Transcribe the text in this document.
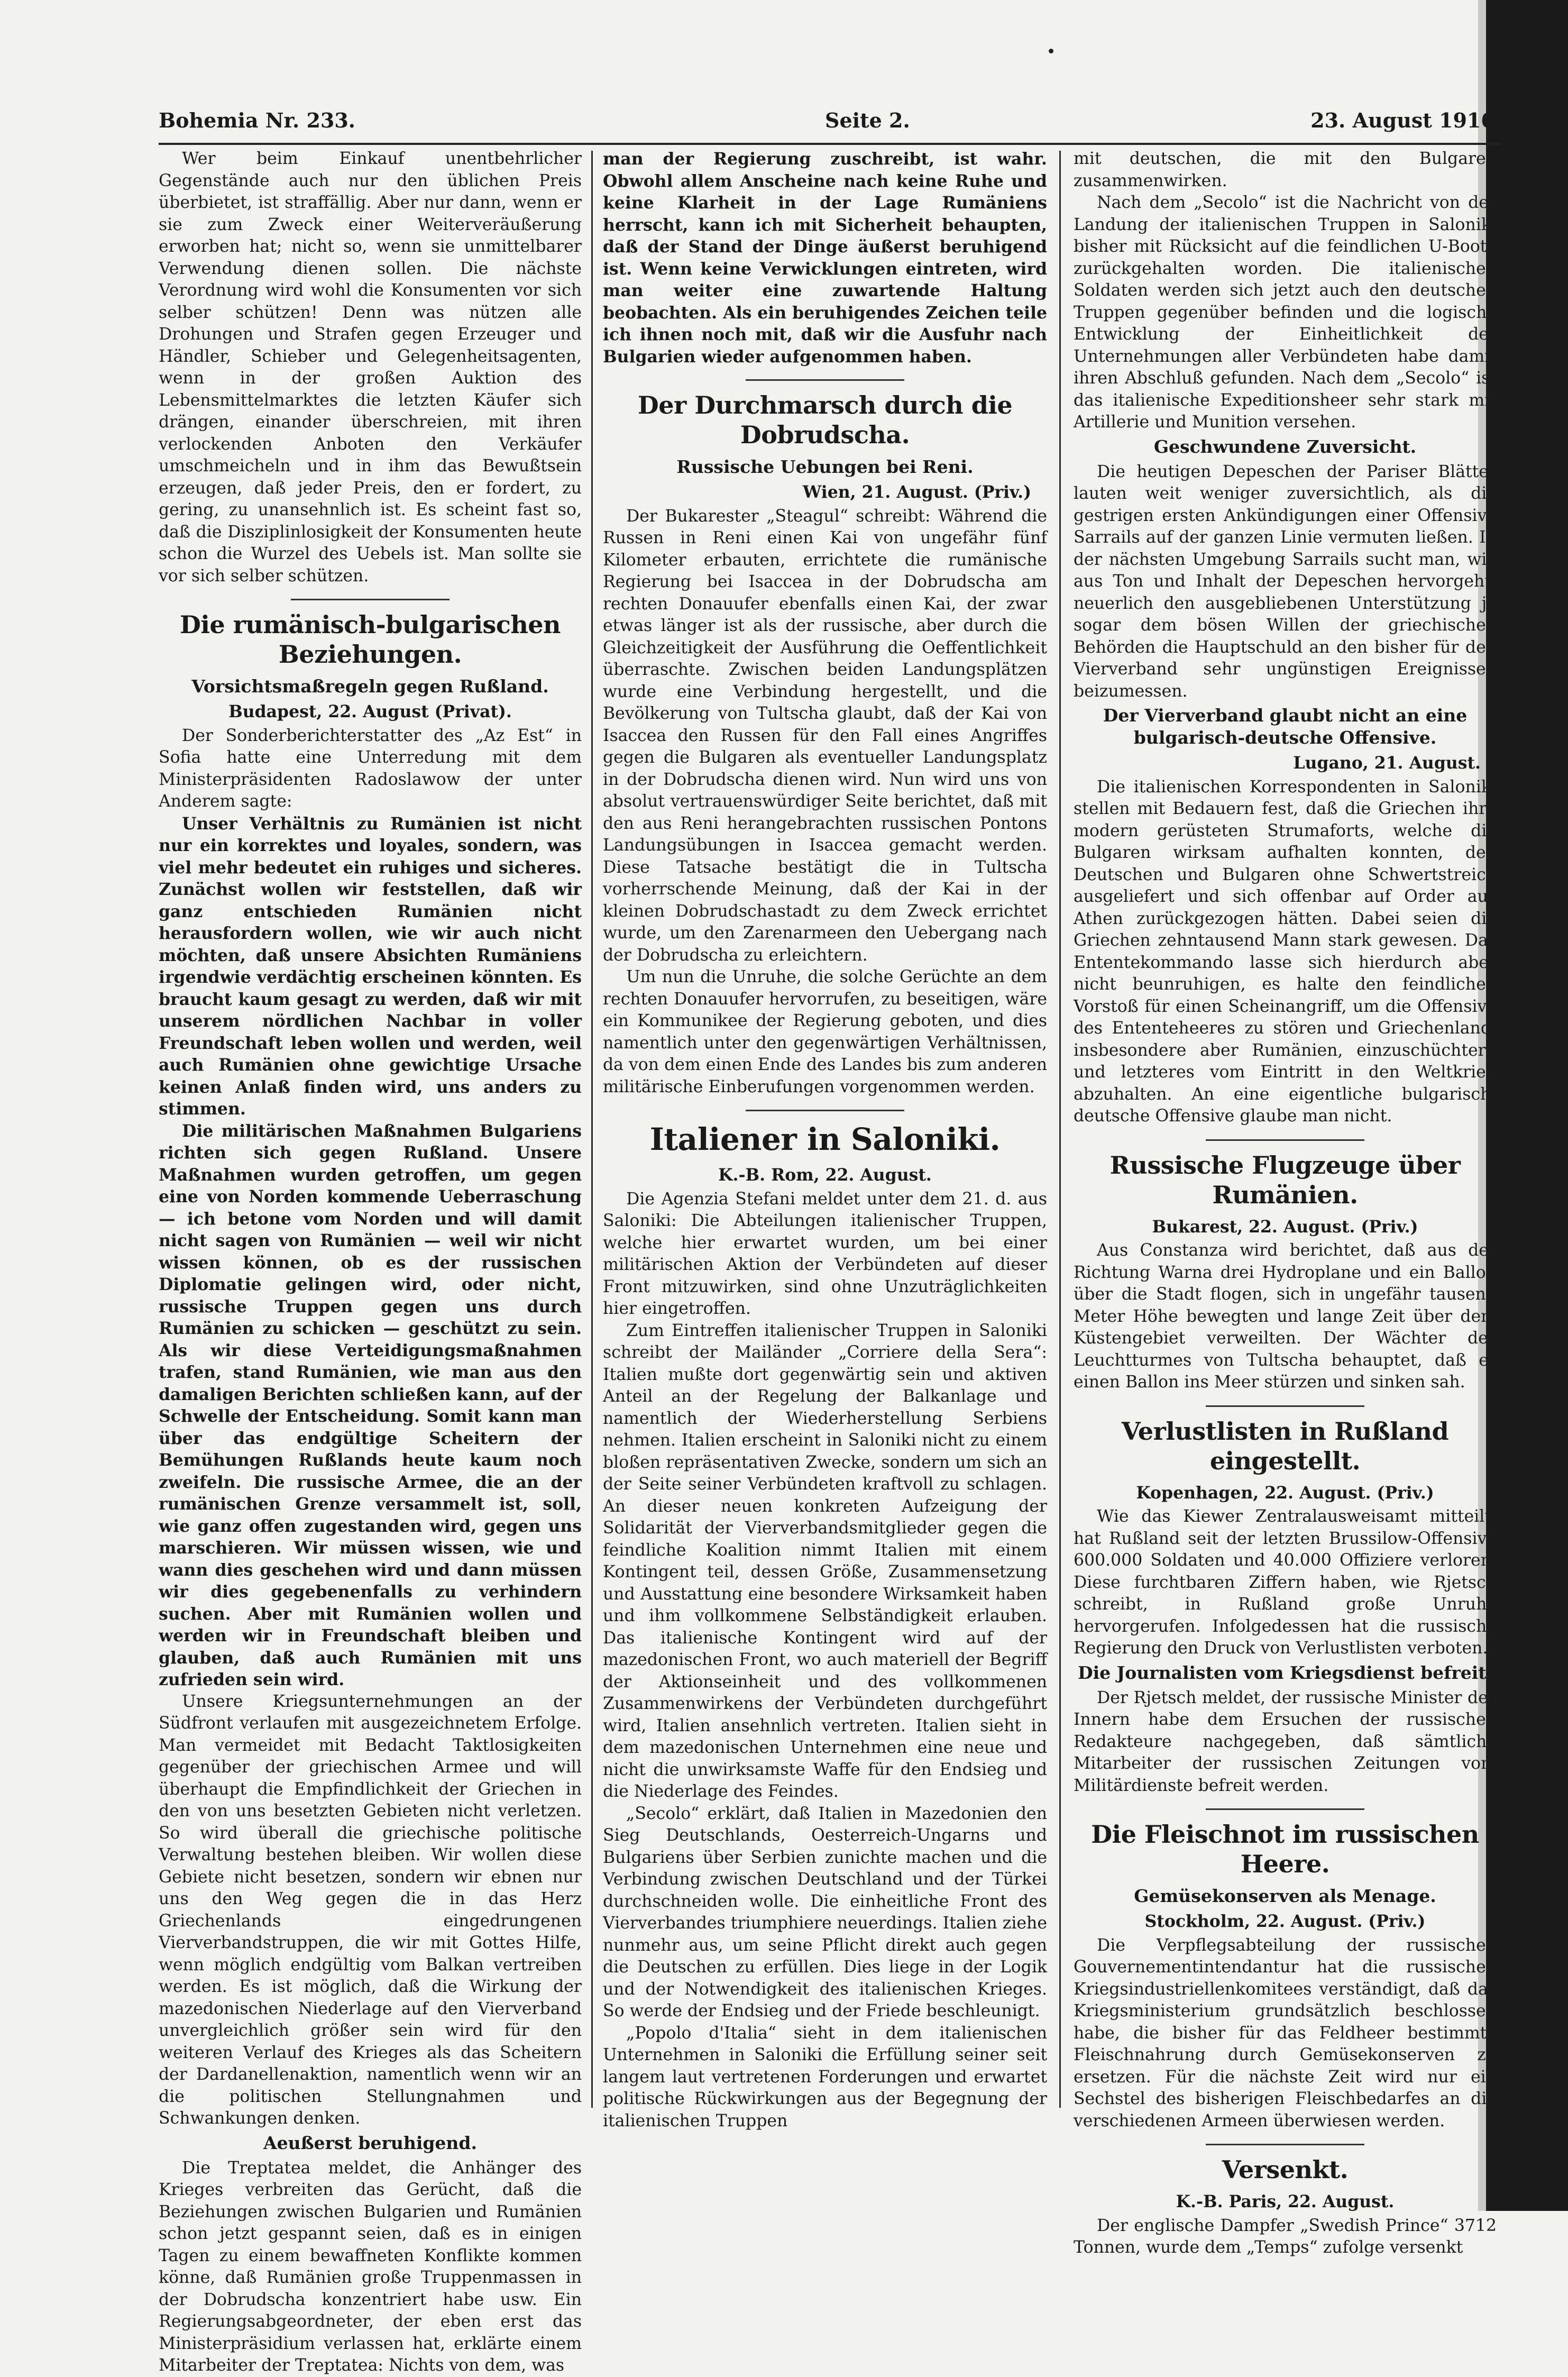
Bohemia Nr. 233.	Seite 2.	23. August 1916.

Wer beim Einkauf unentbehrlicher Gegenstände auch nur den üblichen Preis überbietet, ist straffällig. Aber nur dann, wenn er sie zum Zweck einer Weiterveräußerung erworben hat; nicht so, wenn sie unmittelbarer Verwendung dienen sollen. Die nächste Verordnung wird wohl die Konsumenten vor sich selber schützen! Denn was nützen alle Drohungen und Strafen gegen Erzeuger und Händler, Schieber und Gelegenheitsagenten, wenn in der großen Auktion des Lebensmittelmarktes die letzten Käufer sich drängen, einander überschreien, mit ihren verlockenden Anboten den Verkäufer umschmeicheln und in ihm das Bewußtsein erzeugen, daß jeder Preis, den er fordert, zu gering, zu unansehnlich ist. Es scheint fast so, daß die Disziplinlosigkeit der Konsumenten heute schon die Wurzel des Uebels ist. Man sollte sie vor sich selber schützen.

Die rumänisch-bulgarischen Beziehungen.
Vorsichtsmaßregeln gegen Rußland.
Budapest, 22. August (Privat).

Der Sonderberichterstatter des „Az Est“ in Sofia hatte eine Unterredung mit dem Ministerpräsidenten Radoslawow der unter Anderem sagte:

Unser Verhältnis zu Rumänien ist nicht nur ein korrektes und loyales, sondern, was viel mehr bedeutet ein ruhiges und sicheres. Zunächst wollen wir feststellen, daß wir ganz entschieden Rumänien nicht herausfordern wollen, wie wir auch nicht möchten, daß unsere Absichten Rumäniens irgendwie verdächtig erscheinen könnten. Es braucht kaum gesagt zu werden, daß wir mit unserem nördlichen Nachbar in voller Freundschaft leben wollen und werden, weil auch Rumänien ohne gewichtige Ursache keinen Anlaß finden wird, uns anders zu stimmen.

Die militärischen Maßnahmen Bulgariens richten sich gegen Rußland. Unsere Maßnahmen wurden getroffen, um gegen eine von Norden kommende Ueberraschung — ich betone vom Norden und will damit nicht sagen von Rumänien — weil wir nicht wissen können, ob es der russischen Diplomatie gelingen wird, oder nicht, russische Truppen gegen uns durch Rumänien zu schicken — geschützt zu sein. Als wir diese Verteidigungsmaßnahmen trafen, stand Rumänien, wie man aus den damaligen Berichten schließen kann, auf der Schwelle der Entscheidung. Somit kann man über das endgültige Scheitern der Bemühungen Rußlands heute kaum noch zweifeln. Die russische Armee, die an der rumänischen Grenze versammelt ist, soll, wie ganz offen zugestanden wird, gegen uns marschieren. Wir müssen wissen, wie und wann dies geschehen wird und dann müssen wir dies gegebenenfalls zu verhindern suchen. Aber mit Rumänien wollen und werden wir in Freundschaft bleiben und glauben, daß auch Rumänien mit uns zufrieden sein wird.

Unsere Kriegsunternehmungen an der Südfront verlaufen mit ausgezeichnetem Erfolge. Man vermeidet mit Bedacht Taktlosigkeiten gegenüber der griechischen Armee und will überhaupt die Empfindlichkeit der Griechen in den von uns besetzten Gebieten nicht verletzen. So wird überall die griechische politische Verwaltung bestehen bleiben. Wir wollen diese Gebiete nicht besetzen, sondern wir ebnen nur uns den Weg gegen die in das Herz Griechenlands eingedrungenen Vierverbandstruppen, die wir mit Gottes Hilfe, wenn möglich endgültig vom Balkan vertreiben werden. Es ist möglich, daß die Wirkung der mazedonischen Niederlage auf den Vierverband unvergleichlich größer sein wird für den weiteren Verlauf des Krieges als das Scheitern der Dardanellenaktion, namentlich wenn wir an die politischen Stellungnahmen und Schwankungen denken.

Aeußerst beruhigend.

Die Treptatea meldet, die Anhänger des Krieges verbreiten das Gerücht, daß die Beziehungen zwischen Bulgarien und Rumänien schon jetzt gespannt seien, daß es in einigen Tagen zu einem bewaffneten Konflikte kommen könne, daß Rumänien große Truppenmassen in der Dobrudscha konzentriert habe usw. Ein Regierungsabgeordneter, der eben erst das Ministerpräsidium verlassen hat, erklärte einem Mitarbeiter der Treptatea: Nichts von dem, was

man der Regierung zuschreibt, ist wahr. Obwohl allem Anscheine nach keine Ruhe und keine Klarheit in der Lage Rumäniens herrscht, kann ich mit Sicherheit behaupten, daß der Stand der Dinge äußerst beruhigend ist. Wenn keine Verwicklungen eintreten, wird man weiter eine zuwartende Haltung beobachten. Als ein beruhigendes Zeichen teile ich ihnen noch mit, daß wir die Ausfuhr nach Bulgarien wieder aufgenommen haben.

Der Durchmarsch durch die Dobrudscha.
Russische Uebungen bei Reni.
Wien, 21. August. (Priv.)

Der Bukarester „Steagul“ schreibt: Während die Russen in Reni einen Kai von ungefähr fünf Kilometer erbauten, errichtete die rumänische Regierung bei Isaccea in der Dobrudscha am rechten Donauufer ebenfalls einen Kai, der zwar etwas länger ist als der russische, aber durch die Gleichzeitigkeit der Ausführung die Oeffentlichkeit überraschte. Zwischen beiden Landungsplätzen wurde eine Verbindung hergestellt, und die Bevölkerung von Tultscha glaubt, daß der Kai von Isaccea den Russen für den Fall eines Angriffes gegen die Bulgaren als eventueller Landungsplatz in der Dobrudscha dienen wird. Nun wird uns von absolut vertrauenswürdiger Seite berichtet, daß mit den aus Reni herangebrachten russischen Pontons Landungsübungen in Isaccea gemacht werden. Diese Tatsache bestätigt die in Tultscha vorherrschende Meinung, daß der Kai in der kleinen Dobrudschastadt zu dem Zweck errichtet wurde, um den Zarenarmeen den Uebergang nach der Dobrudscha zu erleichtern.

Um nun die Unruhe, die solche Gerüchte an dem rechten Donauufer hervorrufen, zu beseitigen, wäre ein Kommunikee der Regierung geboten, und dies namentlich unter den gegenwärtigen Verhältnissen, da von dem einen Ende des Landes bis zum anderen militärische Einberufungen vorgenommen werden.

Italiener in Saloniki.
K.-B. Rom, 22. August.

Die Agenzia Stefani meldet unter dem 21. d. aus Saloniki: Die Abteilungen italienischer Truppen, welche hier erwartet wurden, um bei einer militärischen Aktion der Verbündeten auf dieser Front mitzuwirken, sind ohne Unzuträglichkeiten hier eingetroffen.

Zum Eintreffen italienischer Truppen in Saloniki schreibt der Mailänder „Corriere della Sera“: Italien mußte dort gegenwärtig sein und aktiven Anteil an der Regelung der Balkanlage und namentlich der Wiederherstellung Serbiens nehmen. Italien erscheint in Saloniki nicht zu einem bloßen repräsentativen Zwecke, sondern um sich an der Seite seiner Verbündeten kraftvoll zu schlagen. An dieser neuen konkreten Aufzeigung der Solidarität der Vierverbandsmitglieder gegen die feindliche Koalition nimmt Italien mit einem Kontingent teil, dessen Größe, Zusammensetzung und Ausstattung eine besondere Wirksamkeit haben und ihm vollkommene Selbständigkeit erlauben. Das italienische Kontingent wird auf der mazedonischen Front, wo auch materiell der Begriff der Aktionseinheit und des vollkommenen Zusammenwirkens der Verbündeten durchgeführt wird, Italien ansehnlich vertreten. Italien sieht in dem mazedonischen Unternehmen eine neue und nicht die unwirksamste Waffe für den Endsieg und die Niederlage des Feindes.

„Secolo“ erklärt, daß Italien in Mazedonien den Sieg Deutschlands, Oesterreich-Ungarns und Bulgariens über Serbien zunichte machen und die Verbindung zwischen Deutschland und der Türkei durchschneiden wolle. Die einheitliche Front des Vierverbandes triumphiere neuerdings. Italien ziehe nunmehr aus, um seine Pflicht direkt auch gegen die Deutschen zu erfüllen. Dies liege in der Logik und der Notwendigkeit des italienischen Krieges. So werde der Endsieg und der Friede beschleunigt.

„Popolo d'Italia“ sieht in dem italienischen Unternehmen in Saloniki die Erfüllung seiner seit langem laut vertretenen Forderungen und erwartet politische Rückwirkungen aus der Begegnung der italienischen Truppen

mit deutschen, die mit den Bulgaren zusammenwirken.

Nach dem „Secolo“ ist die Nachricht von der Landung der italienischen Truppen in Saloniki bisher mit Rücksicht auf die feindlichen U-Boote zurückgehalten worden. Die italienischen Soldaten werden sich jetzt auch den deutschen Truppen gegenüber befinden und die logische Entwicklung der Einheitlichkeit der Unternehmungen aller Verbündeten habe damit ihren Abschluß gefunden. Nach dem „Secolo“ ist das italienische Expeditionsheer sehr stark mit Artillerie und Munition versehen.

Geschwundene Zuversicht.

Die heutigen Depeschen der Pariser Blätter lauten weit weniger zuversichtlich, als die gestrigen ersten Ankündigungen einer Offensive Sarrails auf der ganzen Linie vermuten ließen. In der nächsten Umgebung Sarrails sucht man, wie aus Ton und Inhalt der Depeschen hervorgeht, neuerlich den ausgebliebenen Unterstützung ja sogar dem bösen Willen der griechischen Behörden die Hauptschuld an den bisher für den Vierverband sehr ungünstigen Ereignissen beizumessen.

Der Vierverband glaubt nicht an eine bulgarisch-deutsche Offensive.
Lugano, 21. August.

Die italienischen Korrespondenten in Saloniki stellen mit Bedauern fest, daß die Griechen ihre modern gerüsteten Strumaforts, welche die Bulgaren wirksam aufhalten konnten, den Deutschen und Bulgaren ohne Schwertstreich ausgeliefert und sich offenbar auf Order aus Athen zurückgezogen hätten. Dabei seien die Griechen zehntausend Mann stark gewesen. Das Ententekommando lasse sich hierdurch aber nicht beunruhigen, es halte den feindlichen Vorstoß für einen Scheinangriff, um die Offensive des Ententeheeres zu stören und Griechenland, insbesondere aber Rumänien, einzuschüchtern und letzteres vom Eintritt in den Weltkrieg abzuhalten. An eine eigentliche bulgarisch-deutsche Offensive glaube man nicht.

Russische Flugzeuge über Rumänien.
Bukarest, 22. August. (Priv.)

Aus Constanza wird berichtet, daß aus der Richtung Warna drei Hydroplane und ein Ballon über die Stadt flogen, sich in ungefähr tausend Meter Höhe bewegten und lange Zeit über dem Küstengebiet verweilten. Der Wächter des Leuchtturmes von Tultscha behauptet, daß er einen Ballon ins Meer stürzen und sinken sah.

Verlustlisten in Rußland eingestellt.
Kopenhagen, 22. August. (Priv.)

Wie das Kiewer Zentralausweisamt mitteilt, hat Rußland seit der letzten Brussilow-Offensive 600.000 Soldaten und 40.000 Offiziere verloren. Diese furchtbaren Ziffern haben, wie Rjetsch schreibt, in Rußland große Unruhe hervorgerufen. Infolgedessen hat die russische Regierung den Druck von Verlustlisten verboten.

Die Journalisten vom Kriegsdienst befreit.

Der Rjetsch meldet, der russische Minister des Innern habe dem Ersuchen der russischen Redakteure nachgegeben, daß sämtliche Mitarbeiter der russischen Zeitungen vom Militärdienste befreit werden.

Die Fleischnot im russischen Heere.
Gemüsekonserven als Menage.
Stockholm, 22. August. (Priv.)

Die Verpflegsabteilung der russischen Gouvernementintendantur hat die russischen Kriegsindustriellenkomitees verständigt, daß das Kriegsministerium grundsätzlich beschlossen habe, die bisher für das Feldheer bestimmte Fleischnahrung durch Gemüsekonserven zu ersetzen. Für die nächste Zeit wird nur ein Sechstel des bisherigen Fleischbedarfes an die verschiedenen Armeen überwiesen werden.

Versenkt.
K.-B. Paris, 22. August.

Der englische Dampfer „Swedish Prince“ 3712 Tonnen, wurde dem „Temps“ zufolge versenkt
